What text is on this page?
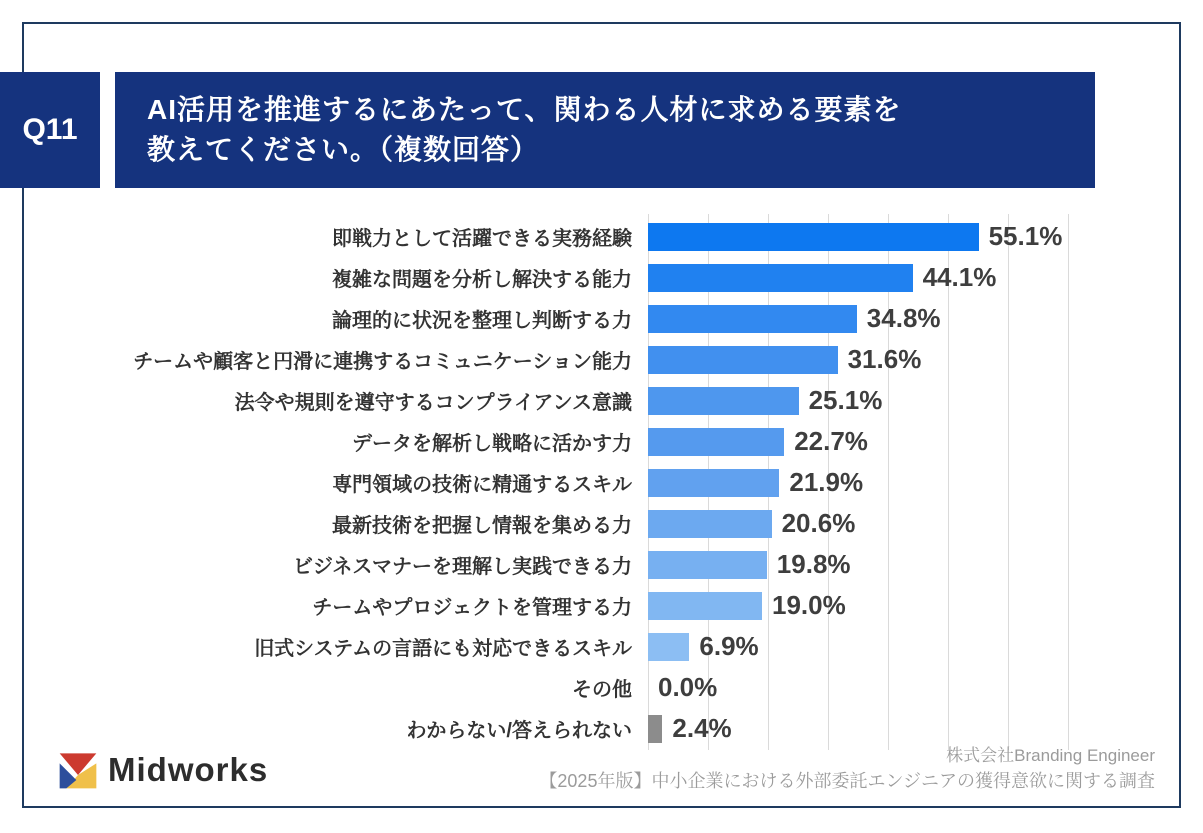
Q11
AI活用を推進するにあたって、関わる人材に求める要素を
教えてください。（複数回答）
即戦力として活躍できる実務経験	55.1%
複雑な問題を分析し解決する能力	44.1%
論理的に状況を整理し判断する力	34.8%
チームや顧客と円滑に連携するコミュニケーション能力	31.6%
法令や規則を遵守するコンプライアンス意識	25.1%
データを解析し戦略に活かす力	22.7%
専門領域の技術に精通するスキル	21.9%
最新技術を把握し情報を集める力	20.6%
ビジネスマナーを理解し実践できる力	19.8%
チームやプロジェクトを管理する力	19.0%
旧式システムの言語にも対応できるスキル	6.9%
その他 0.0%
わからない/答えられない 2.4%
Midworks	株式会社Branding Engineer
【2025年版】中小企業における外部委託エンジニアの獲得意欲に関する調査
